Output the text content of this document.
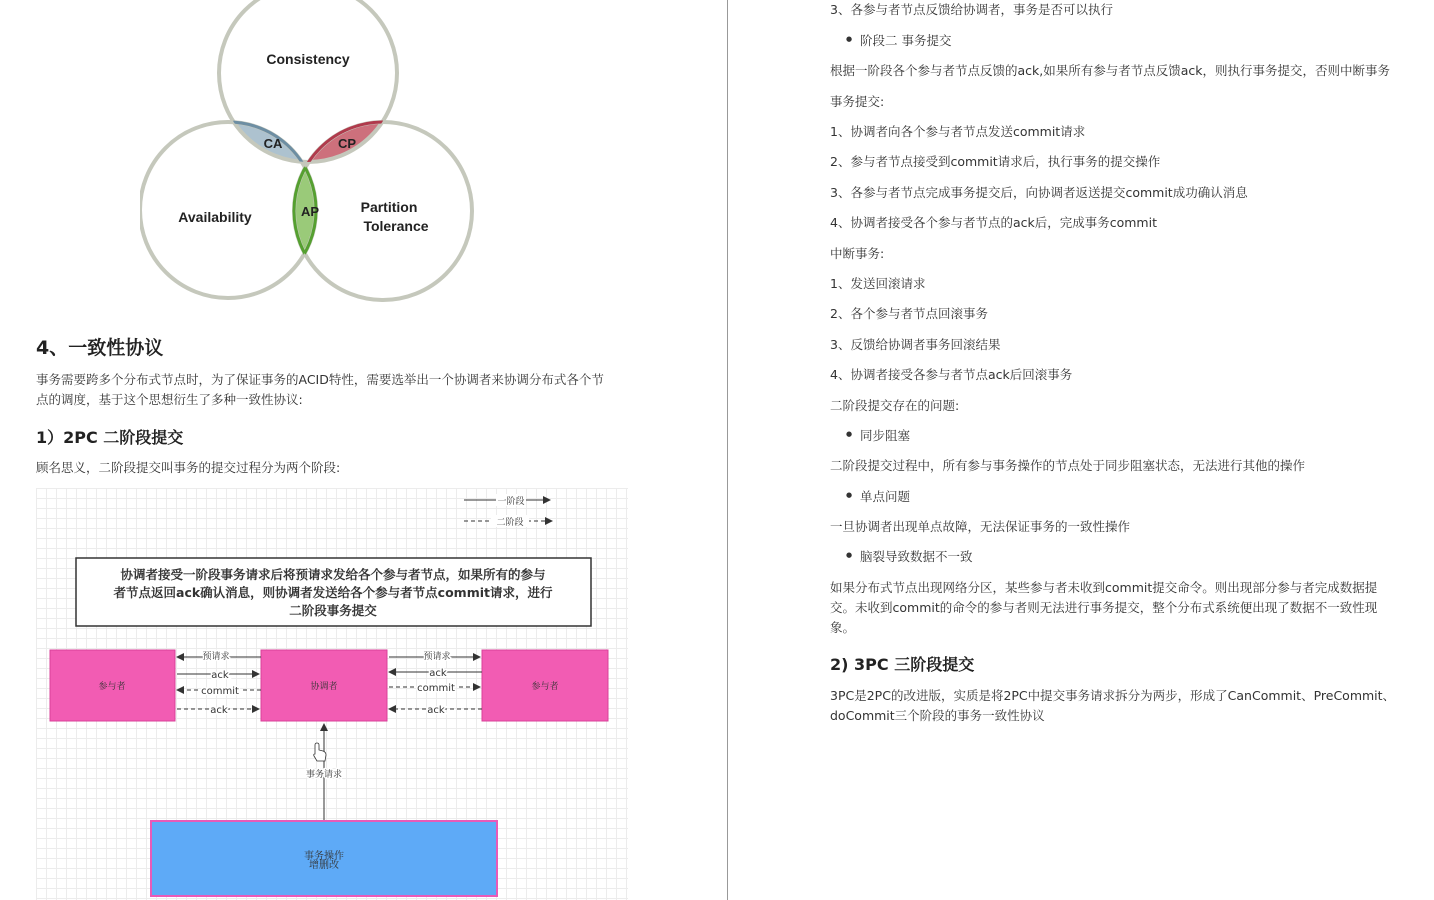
Consistency
Availability
Partition
Tolerance
CA	CP
AP
4、一致性协议
事务需要跨多个分布式节点时，为了保证事务的ACID特性，需要选举出一个协调者来协调分布式各个节
点的调度，基于这个思想衍生了多种一致性协议:
1）2PC 二阶段提交
顾名思义，二阶段提交叫事务的提交过程分为两个阶段:
一阶段
二阶段
协调者接受一阶段事务请求后将预请求发给各个参与者节点，如果所有的参与
者节点返回ack确认消息，则协调者发送给各个参与者节点commit请求，进行
二阶段事务提交
参与者	协调者	参与者
预请求
ack
commit
ack
预请求
ack
commit
ack
事务请求
事务操作
增删改
3、各参与者节点反馈给协调者，事务是否可以执行
● 阶段二 事务提交
根据一阶段各个参与者节点反馈的ack,如果所有参与者节点反馈ack，则执行事务提交，否则中断事务
事务提交:
1、协调者向各个参与者节点发送commit请求
2、参与者节点接受到commit请求后，执行事务的提交操作
3、各参与者节点完成事务提交后，向协调者返送提交commit成功确认消息
4、协调者接受各个参与者节点的ack后，完成事务commit
中断事务:
1、发送回滚请求
2、各个参与者节点回滚事务
3、反馈给协调者事务回滚结果
4、协调者接受各参与者节点ack后回滚事务
二阶段提交存在的问题:
● 同步阻塞
二阶段提交过程中，所有参与事务操作的节点处于同步阻塞状态，无法进行其他的操作
● 单点问题
一旦协调者出现单点故障，无法保证事务的一致性操作
● 脑裂导致数据不一致
如果分布式节点出现网络分区，某些参与者未收到commit提交命令。则出现部分参与者完成数据提
交。未收到commit的命令的参与者则无法进行事务提交，整个分布式系统便出现了数据不一致性现
象。
2) 3PC 三阶段提交
3PC是2PC的改进版，实质是将2PC中提交事务请求拆分为两步，形成了CanCommit、PreCommit、
doCommit三个阶段的事务一致性协议
